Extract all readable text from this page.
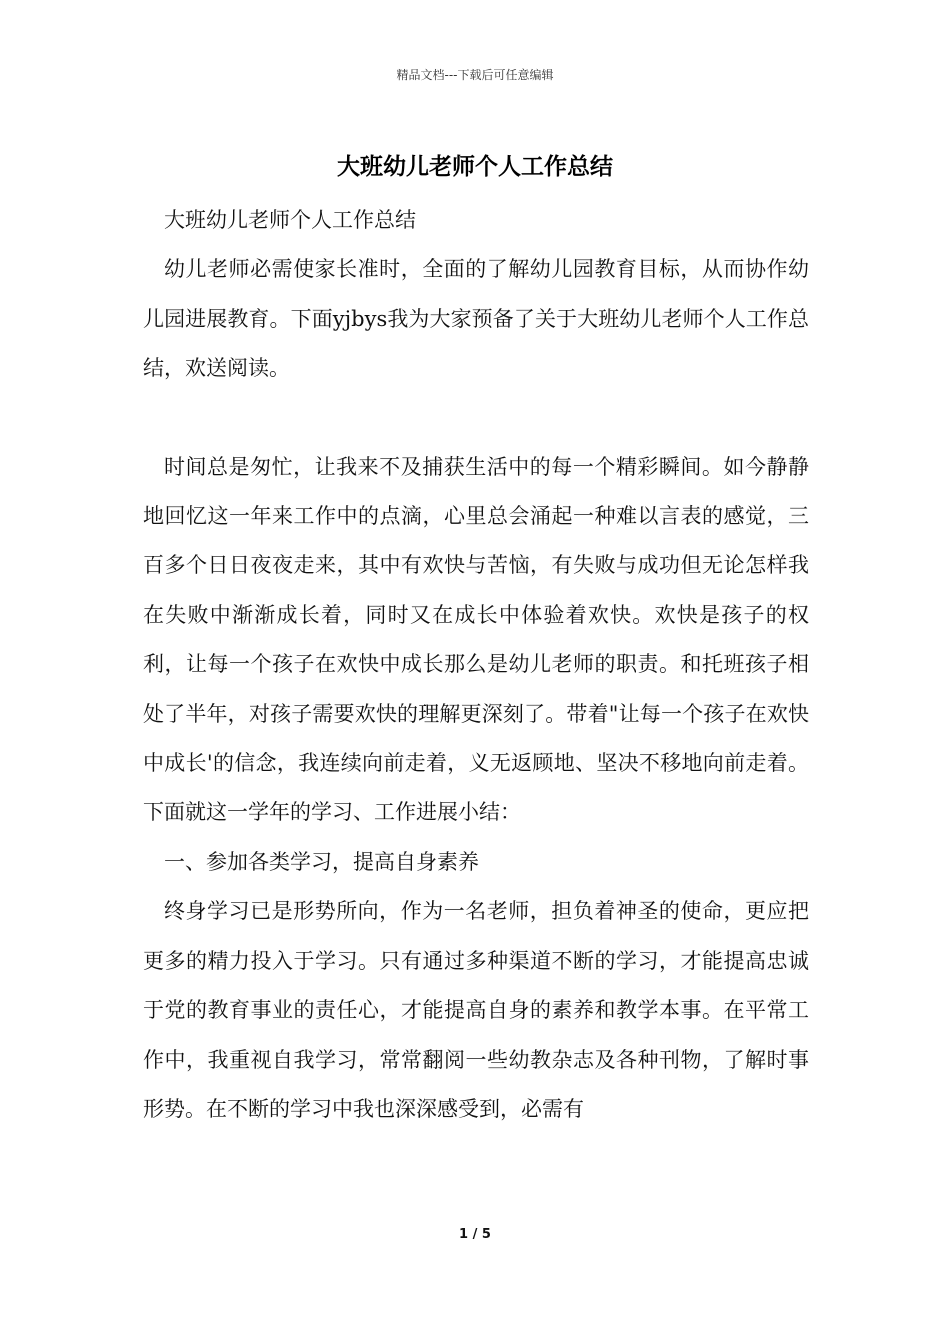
精品文档---下载后可任意编辑
大班幼儿老师个人工作总结

大班幼儿老师个人工作总结

幼儿老师必需使家长准时，全面的了解幼儿园教育目标，从而协作幼儿园进展教育。下面yjbys我为大家预备了关于大班幼儿老师个人工作总结，欢送阅读。

时间总是匆忙，让我来不及捕获生活中的每一个精彩瞬间。如今静静地回忆这一年来工作中的点滴，心里总会涌起一种难以言表的感觉，三百多个日日夜夜走来，其中有欢快与苦恼，有失败与成功但无论怎样我在失败中渐渐成长着，同时又在成长中体验着欢快。欢快是孩子的权利，让每一个孩子在欢快中成长那么是幼儿老师的职责。和托班孩子相处了半年，对孩子需要欢快的理解更深刻了。带着"让每一个孩子在欢快中成长'的信念，我连续向前走着，义无返顾地、坚决不移地向前走着。下面就这一学年的学习、工作进展小结：

一、参加各类学习，提高自身素养

终身学习已是形势所向，作为一名老师，担负着神圣的使命，更应把更多的精力投入于学习。只有通过多种渠道不断的学习，才能提高忠诚于党的教育事业的责任心，才能提高自身的素养和教学本事。在平常工作中，我重视自我学习，常常翻阅一些幼教杂志及各种刊物，了解时事形势。在不断的学习中我也深深感受到，必需有

1 / 5
